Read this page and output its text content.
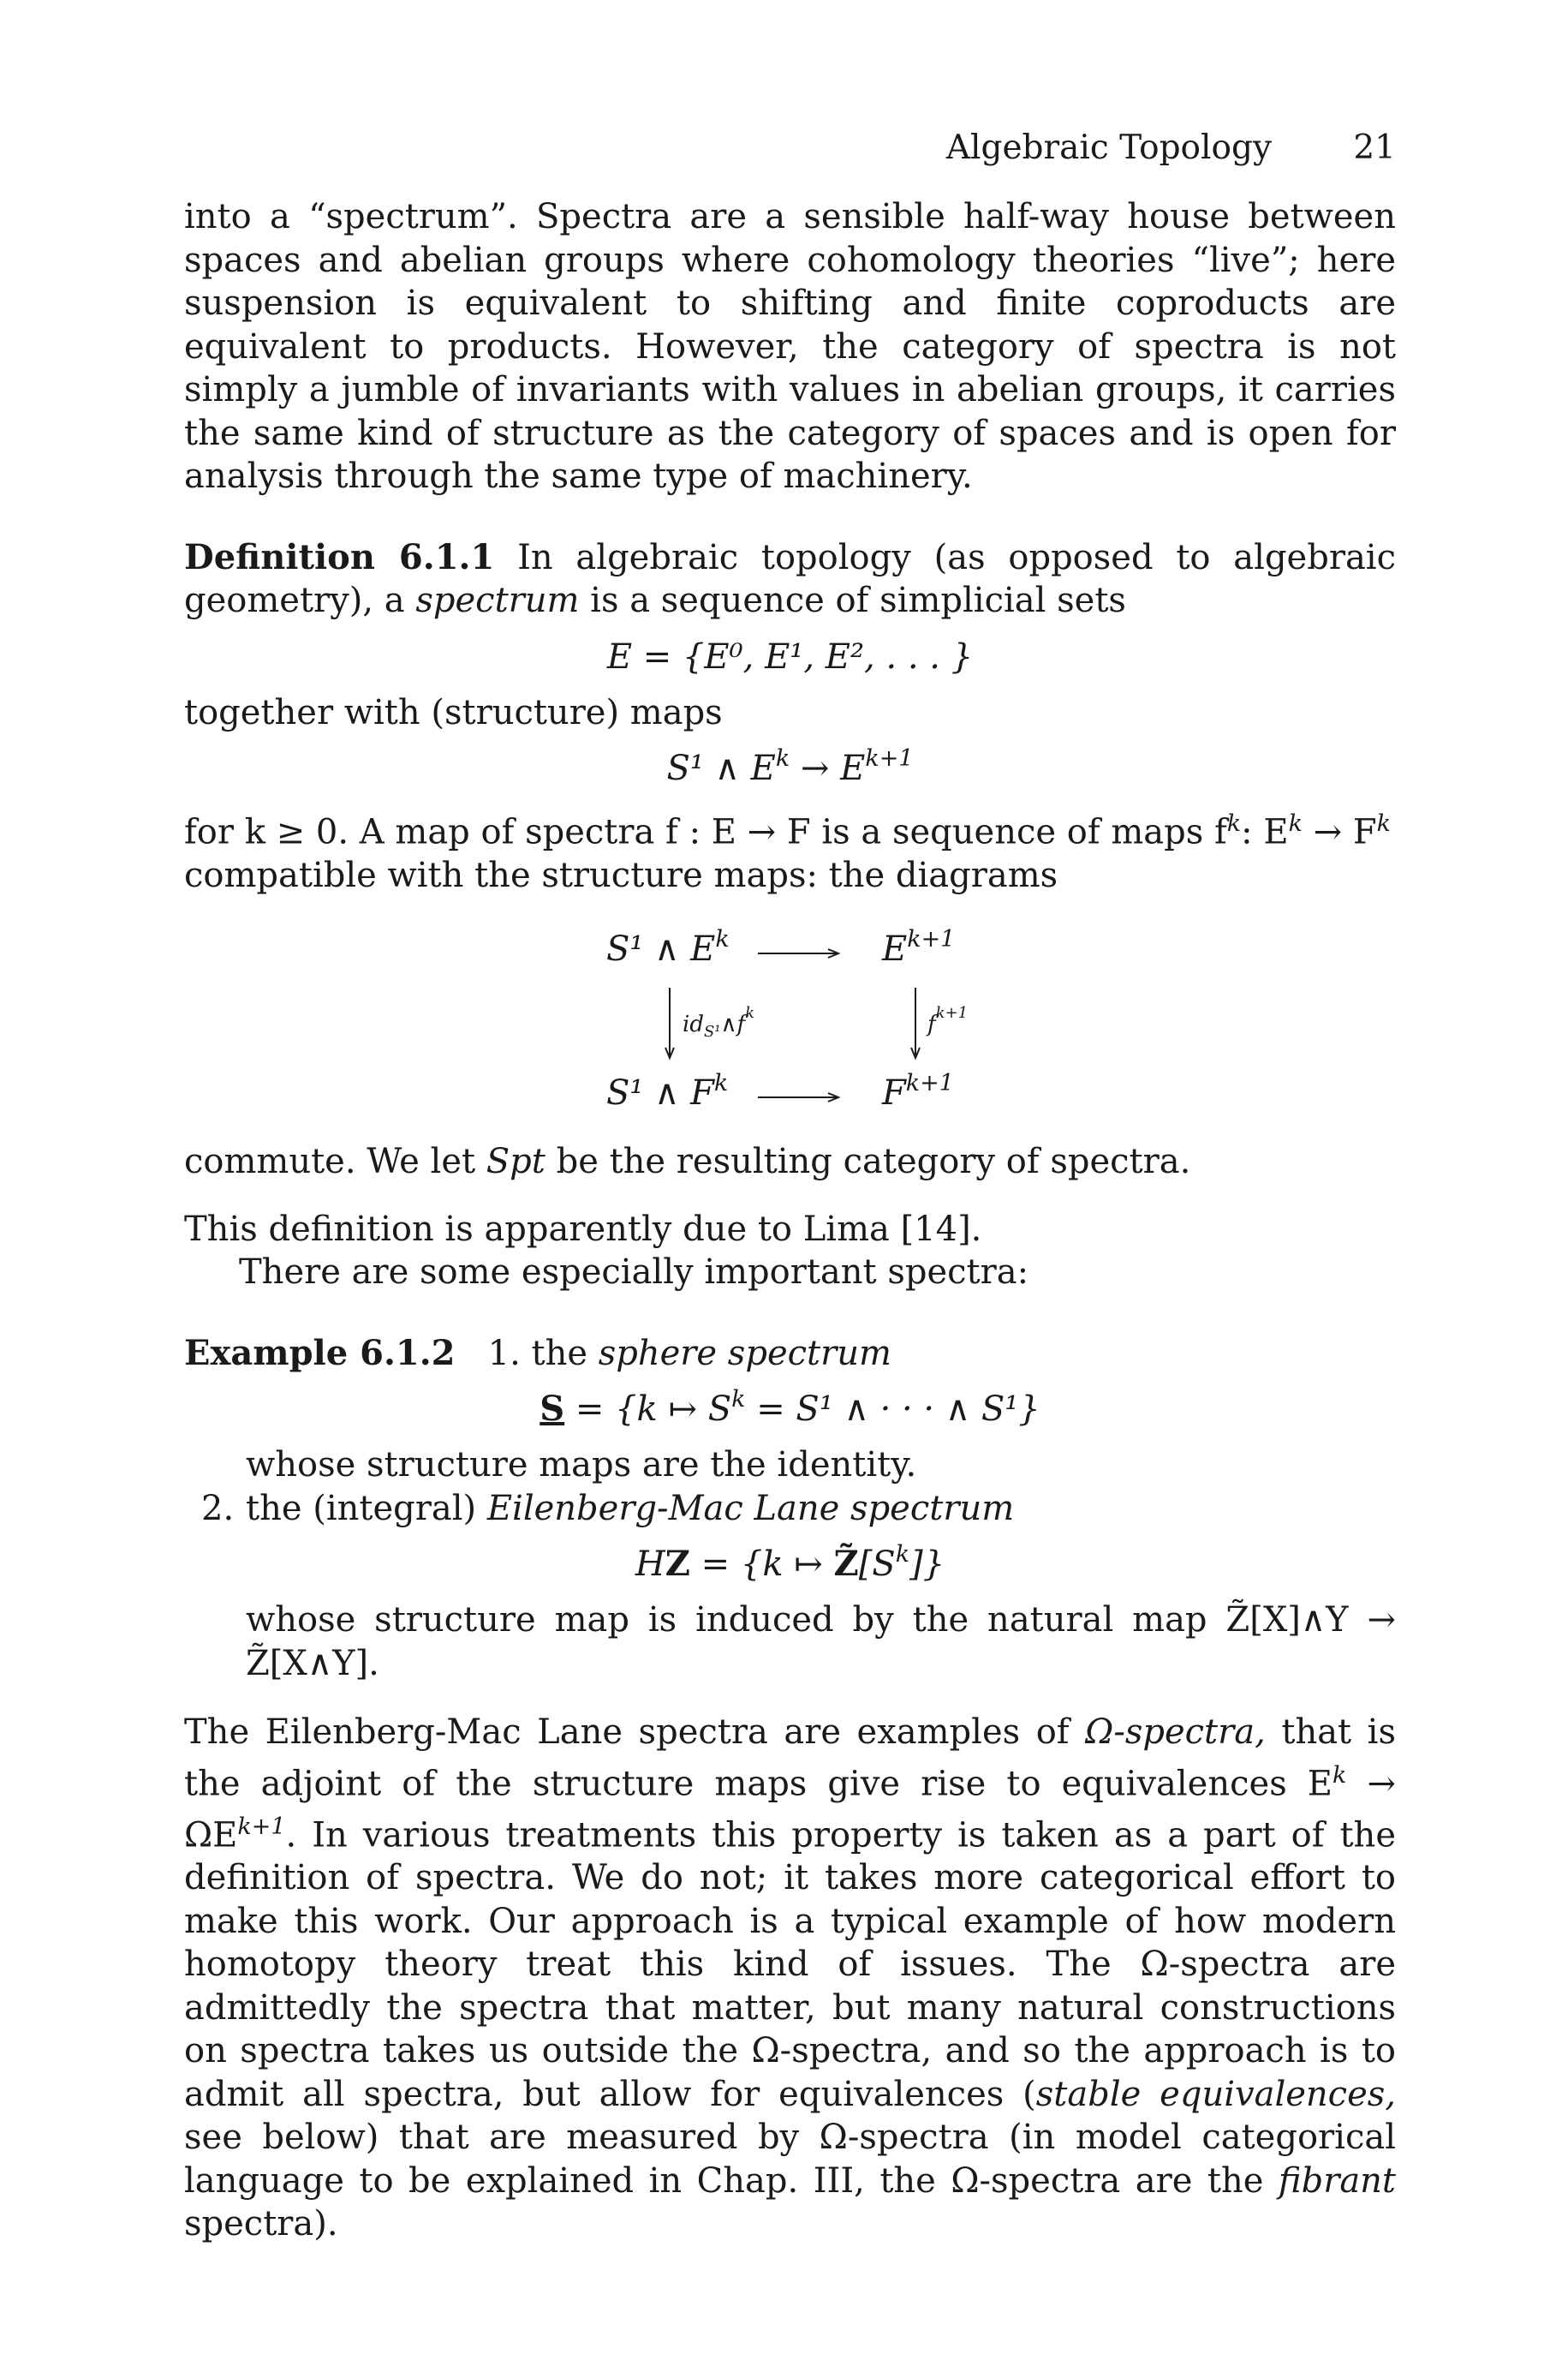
Algebraic Topology 21

into a “spectrum”. Spectra are a sensible half-way house between spaces and abelian groups where cohomology theories “live”; here suspension is equivalent to shifting and finite coproducts are equivalent to products. However, the category of spectra is not simply a jumble of invariants with values in abelian groups, it carries the same kind of structure as the category of spaces and is open for analysis through the same type of machinery.

Definition 6.1.1 In algebraic topology (as opposed to algebraic geometry), a spectrum is a sequence of simplicial sets

E = {E⁰, E¹, E², . . . }

together with (structure) maps

S¹ ∧ $E^k \to E^{k+1}$

for k ≥ 0. A map of spectra f : E → F is a sequence of maps $f^k$: $E^k \to F^k$
compatible with the structure maps: the diagrams

S¹ ∧ $E^k$	$E^{k+1}$
S¹ ∧ $F^k$	$F^{k+1}$
$id_{S^1}\wedge f^k$	$f^{k+1}$

commute. We let Spt be the resulting category of spectra.

This definition is apparently due to Lima [14].

There are some especially important spectra:

Example 6.1.2 1. the sphere spectrum

S = {k ↦ $S^k = S^1$ ∧ · · · ∧ S¹}

whose structure maps are the identity.

2. the (integral) Eilenberg-Mac Lane spectrum

HZ = {k ↦ $Z̃[S^k]$}

whose structure map is induced by the natural map Z̃[X]∧Y → Z̃[X∧Y].

The Eilenberg-Mac Lane spectra are examples of Ω-spectra, that is the adjoint of the structure maps give rise to equivalences $E^k \to \Omega E^{k+1}$. In various treatments this property is taken as a part of the definition of spectra. We do not; it takes more categorical effort to make this work. Our approach is a typical example of how modern homotopy theory treat this kind of issues. The Ω-spectra are admittedly the spectra that matter, but many natural constructions on spectra takes us outside the Ω-spectra, and so the approach is to admit all spectra, but allow for equivalences (stable equivalences, see below) that are measured by Ω-spectra (in model categorical language to be explained in Chap. III, the Ω-spectra are the fibrant spectra).
